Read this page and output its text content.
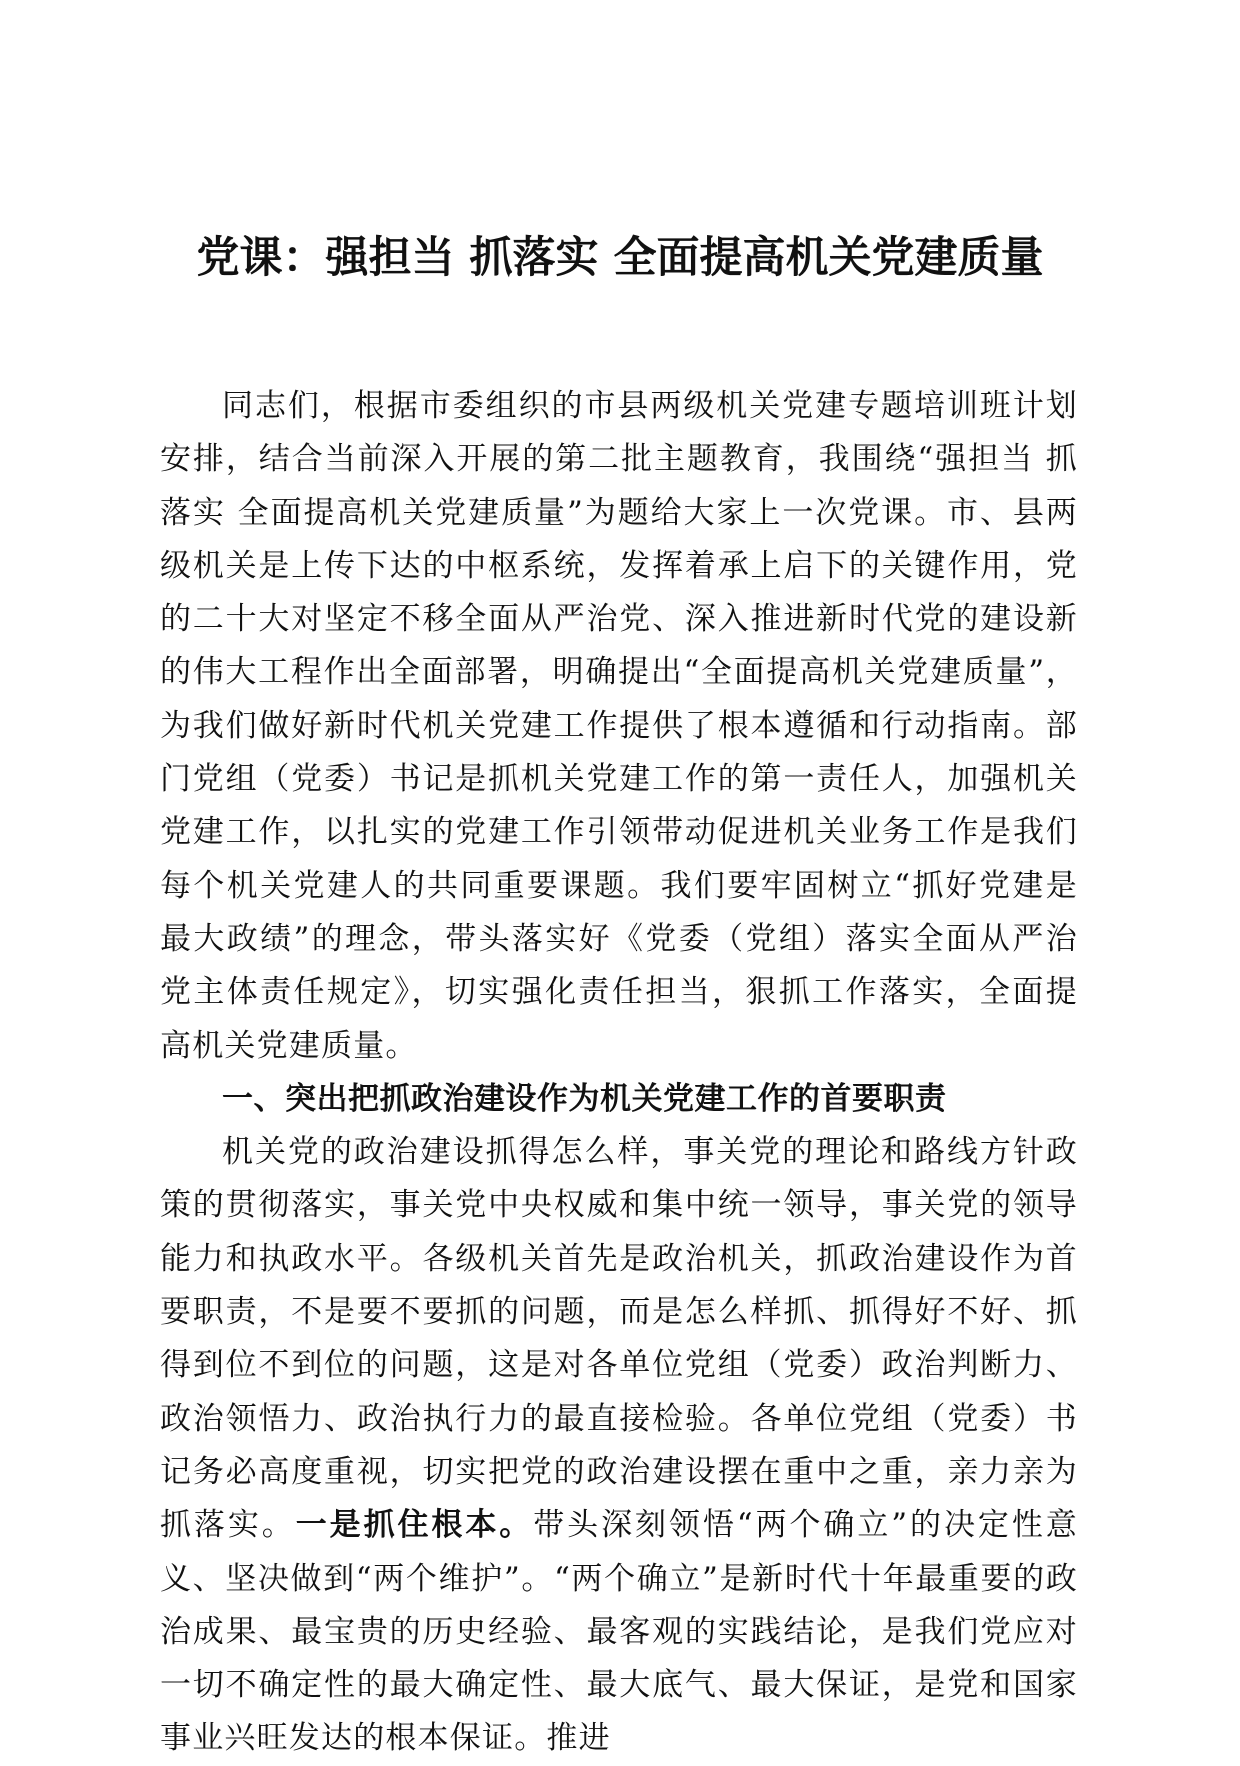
党课：强担当 抓落实 全面提高机关党建质量

同志们，根据市委组织的市县两级机关党建专题培训班计划安排，结合当前深入开展的第二批主题教育，我围绕“强担当 抓落实 全面提高机关党建质量”为题给大家上一次党课。市、县两级机关是上传下达的中枢系统，发挥着承上启下的关键作用，党的二十大对坚定不移全面从严治党、深入推进新时代党的建设新的伟大工程作出全面部署，明确提出“全面提高机关党建质量”，为我们做好新时代机关党建工作提供了根本遵循和行动指南。部门党组（党委）书记是抓机关党建工作的第一责任人，加强机关党建工作，以扎实的党建工作引领带动促进机关业务工作是我们每个机关党建人的共同重要课题。我们要牢固树立“抓好党建是最大政绩”的理念，带头落实好《党委（党组）落实全面从严治党主体责任规定》，切实强化责任担当，狠抓工作落实，全面提高机关党建质量。

一、突出把抓政治建设作为机关党建工作的首要职责

机关党的政治建设抓得怎么样，事关党的理论和路线方针政策的贯彻落实，事关党中央权威和集中统一领导，事关党的领导能力和执政水平。各级机关首先是政治机关，抓政治建设作为首要职责，不是要不要抓的问题，而是怎么样抓、抓得好不好、抓得到位不到位的问题，这是对各单位党组（党委）政治判断力、政治领悟力、政治执行力的最直接检验。各单位党组（党委）书记务必高度重视，切实把党的政治建设摆在重中之重，亲力亲为抓落实。一是抓住根本。带头深刻领悟“两个确立”的决定性意义、坚决做到“两个维护”。“两个确立”是新时代十年最重要的政治成果、最宝贵的历史经验、最客观的实践结论，是我们党应对一切不确定性的最大确定性、最大底气、最大保证，是党和国家事业兴旺发达的根本保证。推进
